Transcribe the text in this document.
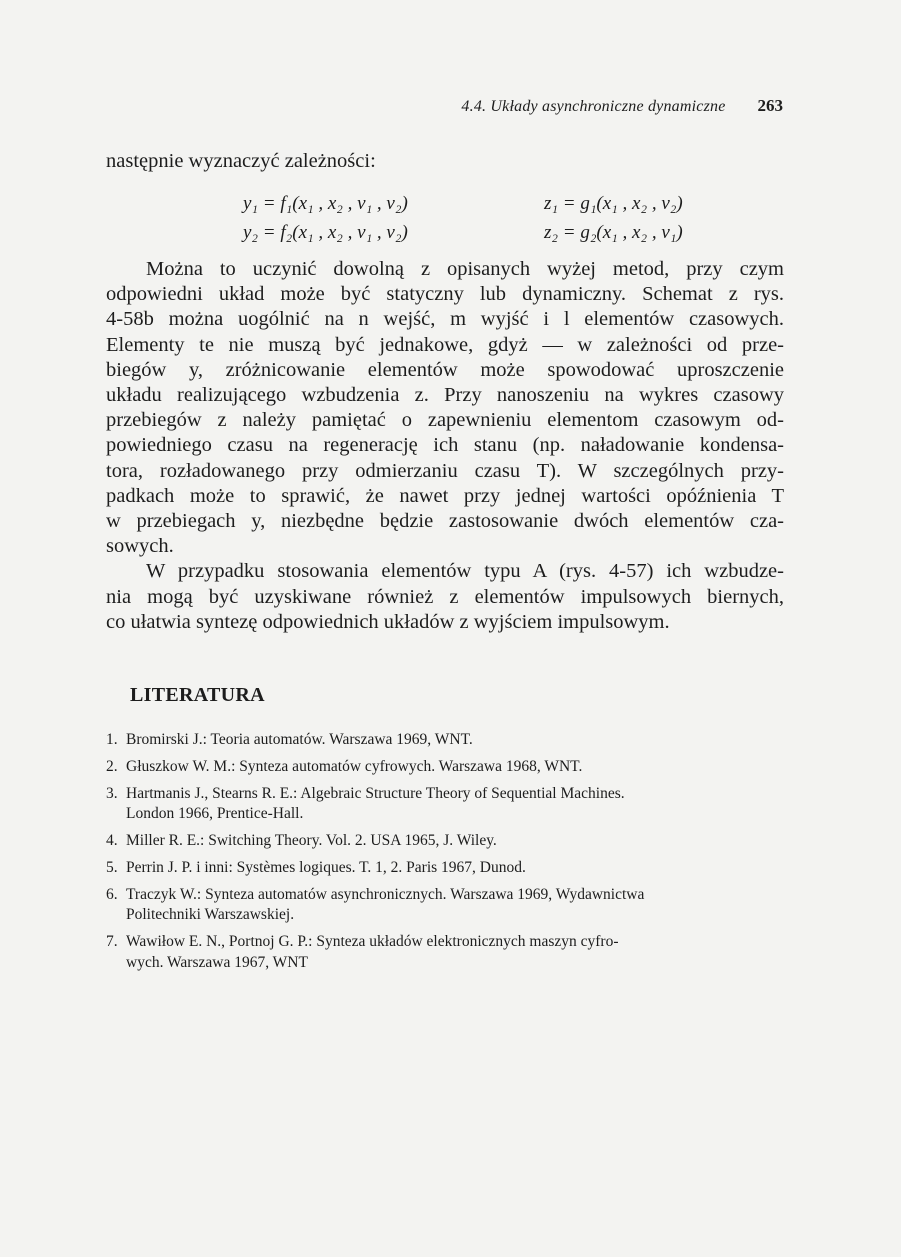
4.4. Układy asynchroniczne dynamiczne 263
następnie wyznaczyć zależności:
y₁ = f₁(x₁ , x₂ , v₁ , v₂)
y₂ = f₂(x₁ , x₂ , v₁ , v₂)
z₁ = g₁(x₁ , x₂ , v₂)
z₂ = g₂(x₁ , x₂ , v₁)
Można to uczynić dowolną z opisanych wyżej metod, przy czym
odpowiedni układ może być statyczny lub dynamiczny. Schemat z rys.
4-58b można uogólnić na n wejść, m wyjść i l elementów czasowych.
Elementy te nie muszą być jednakowe, gdyż — w zależności od prze-
biegów y, zróżnicowanie elementów może spowodować uproszczenie
układu realizującego wzbudzenia z. Przy nanoszeniu na wykres czasowy
przebiegów z należy pamiętać o zapewnieniu elementom czasowym od-
powiedniego czasu na regenerację ich stanu (np. naładowanie kondensa-
tora, rozładowanego przy odmierzaniu czasu T). W szczególnych przy-
padkach może to sprawić, że nawet przy jednej wartości opóźnienia T
w przebiegach y, niezbędne będzie zastosowanie dwóch elementów cza-
sowych.
W przypadku stosowania elementów typu A (rys. 4-57) ich wzbudze-
nia mogą być uzyskiwane również z elementów impulsowych biernych,
co ułatwia syntezę odpowiednich układów z wyjściem impulsowym.
LITERATURA
1. Bromirski J.: Teoria automatów. Warszawa 1969, WNT.
2. Głuszkow W. M.: Synteza automatów cyfrowych. Warszawa 1968, WNT.
3. Hartmanis J., Stearns R. E.: Algebraic Structure Theory of Sequential Machines.
London 1966, Prentice-Hall.
4. Miller R. E.: Switching Theory. Vol. 2. USA 1965, J. Wiley.
5. Perrin J. P. i inni: Systèmes logiques. T. 1, 2. Paris 1967, Dunod.
6. Traczyk W.: Synteza automatów asynchronicznych. Warszawa 1969, Wydawnictwa
Politechniki Warszawskiej.
7. Wawiłow E. N., Portnoj G. P.: Synteza układów elektronicznych maszyn cyfro-
wych. Warszawa 1967, WNT
